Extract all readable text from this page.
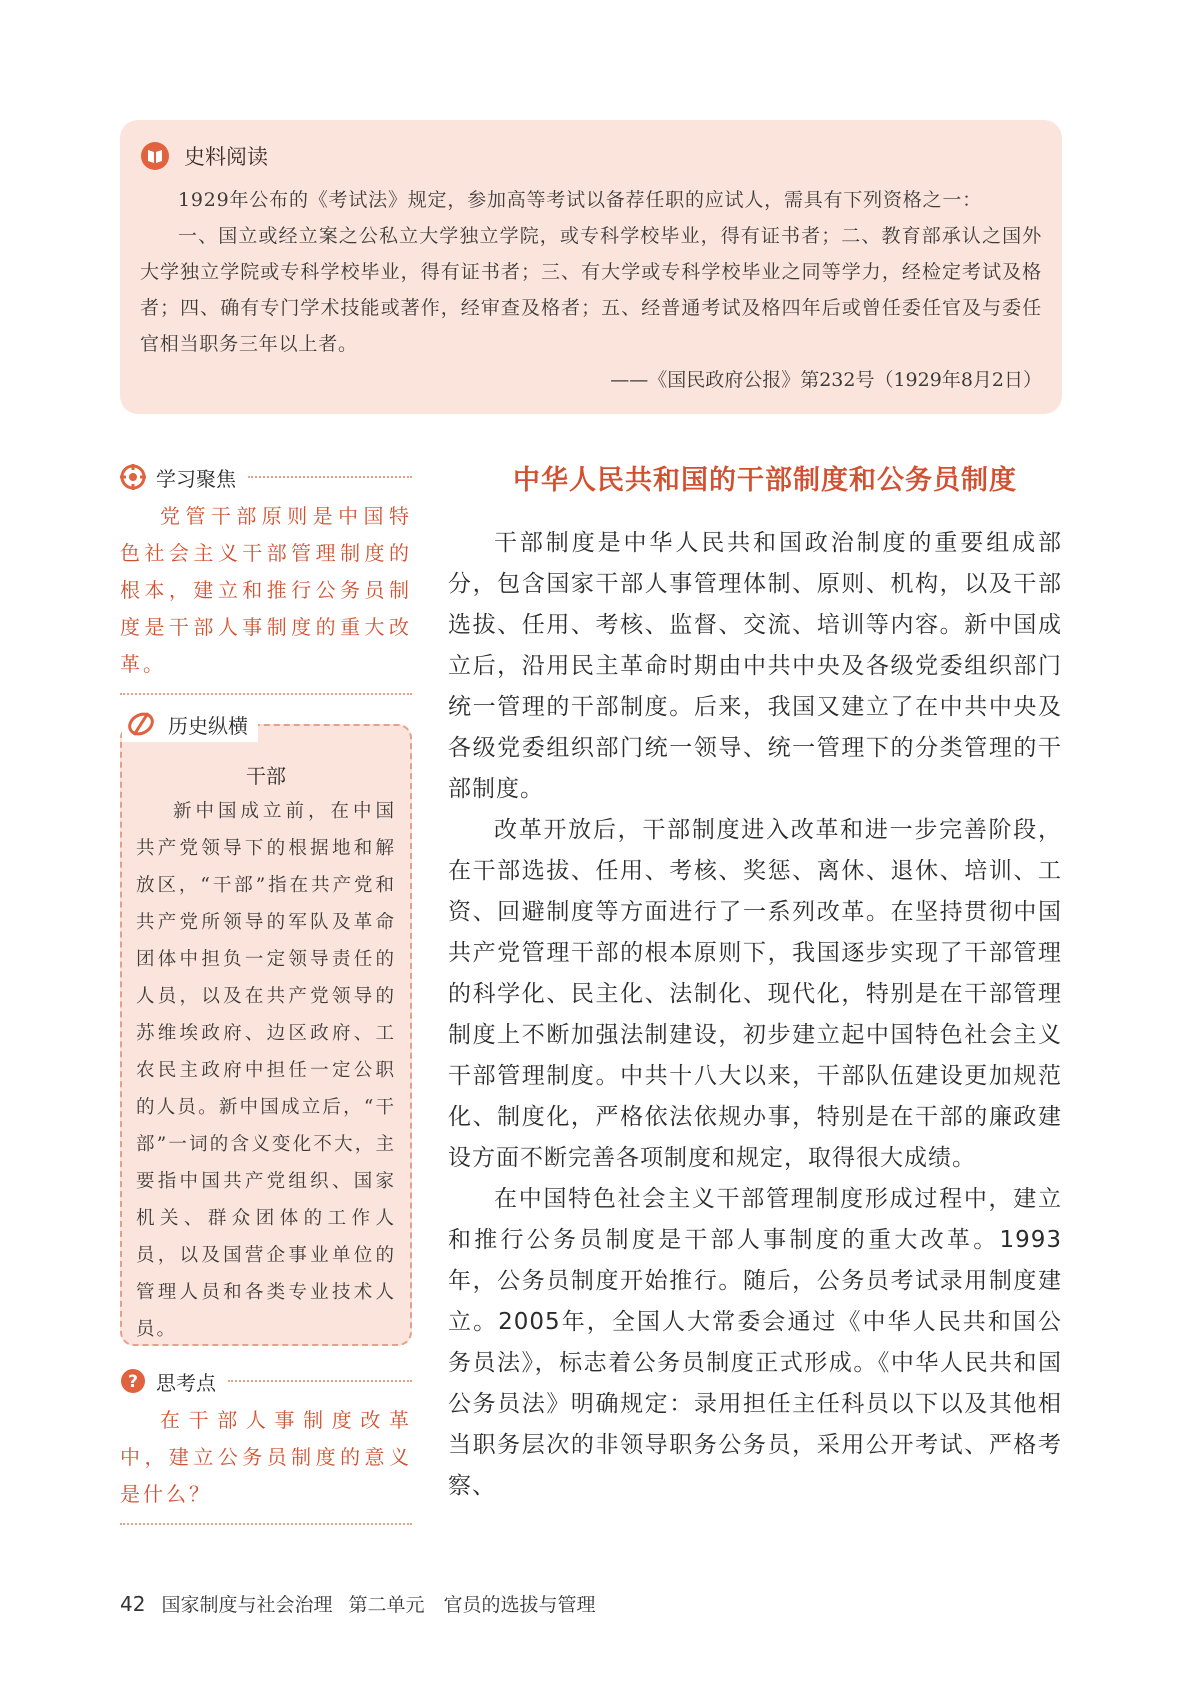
史料阅读

1929年公布的《考试法》规定，参加高等考试以备荐任职的应试人，需具有下列资格之一：

一、国立或经立案之公私立大学独立学院，或专科学校毕业，得有证书者；二、教育部承认之国外大学独立学院或专科学校毕业，得有证书者；三、有大学或专科学校毕业之同等学力，经检定考试及格者；四、确有专门学术技能或著作，经审查及格者；五、经普通考试及格四年后或曾任委任官及与委任官相当职务三年以上者。

——《国民政府公报》第232号（1929年8月2日）

学习聚焦

党管干部原则是中国特色社会主义干部管理制度的根本，建立和推行公务员制度是干部人事制度的重大改革。

历史纵横
干部

新中国成立前，在中国共产党领导下的根据地和解放区，“干部”指在共产党和共产党所领导的军队及革命团体中担负一定领导责任的人员，以及在共产党领导的苏维埃政府、边区政府、工农民主政府中担任一定公职的人员。新中国成立后，“干部”一词的含义变化不大，主要指中国共产党组织、国家机关、群众团体的工作人员，以及国营企事业单位的管理人员和各类专业技术人员。

? 思考点

在干部人事制度改革中，建立公务员制度的意义是什么？

中华人民共和国的干部制度和公务员制度

干部制度是中华人民共和国政治制度的重要组成部分，包含国家干部人事管理体制、原则、机构，以及干部选拔、任用、考核、监督、交流、培训等内容。新中国成立后，沿用民主革命时期由中共中央及各级党委组织部门统一管理的干部制度。后来，我国又建立了在中共中央及各级党委组织部门统一领导、统一管理下的分类管理的干部制度。

改革开放后，干部制度进入改革和进一步完善阶段，在干部选拔、任用、考核、奖惩、离休、退休、培训、工资、回避制度等方面进行了一系列改革。在坚持贯彻中国共产党管理干部的根本原则下，我国逐步实现了干部管理的科学化、民主化、法制化、现代化，特别是在干部管理制度上不断加强法制建设，初步建立起中国特色社会主义干部管理制度。中共十八大以来，干部队伍建设更加规范化、制度化，严格依法依规办事，特别是在干部的廉政建设方面不断完善各项制度和规定，取得很大成绩。

在中国特色社会主义干部管理制度形成过程中，建立和推行公务员制度是干部人事制度的重大改革。1993年，公务员制度开始推行。随后，公务员考试录用制度建立。2005年，全国人大常委会通过《中华人民共和国公务员法》，标志着公务员制度正式形成。《中华人民共和国公务员法》明确规定：录用担任主任科员以下以及其他相当职务层次的非领导职务公务员，采用公开考试、严格考察、

42 国家制度与社会治理 第二单元　官员的选拔与管理
